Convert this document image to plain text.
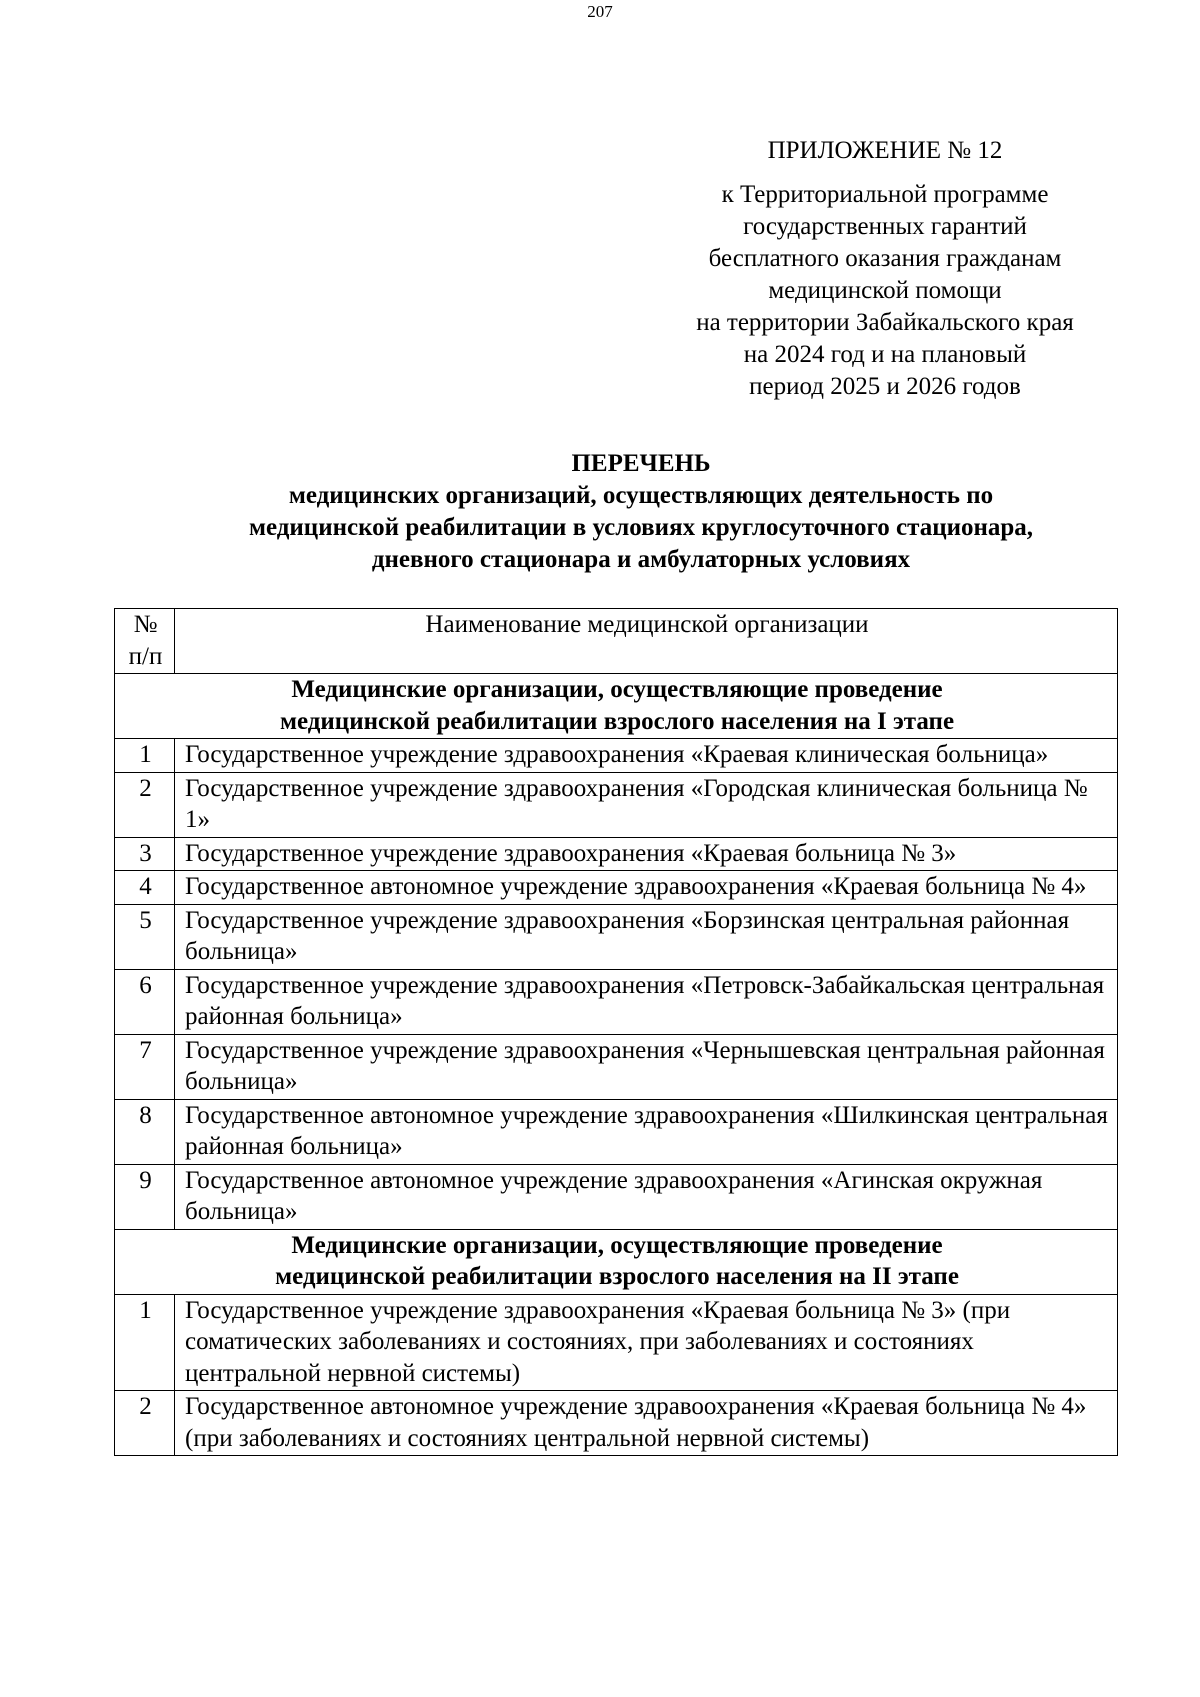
207
ПРИЛОЖЕНИЕ № 12
к Территориальной программе
государственных гарантий
бесплатного оказания гражданам
медицинской помощи
на территории Забайкальского края
на 2024 год и на плановый
период 2025 и 2026 годов
ПЕРЕЧЕНЬ
медицинских организаций, осуществляющих деятельность по
медицинской реабилитации в условиях круглосуточного стационара,
дневного стационара и амбулаторных условиях
№
п/п	Наименование медицинской организации

Медицинские организации, осуществляющие проведение
медицинской реабилитации взрослого населения на I этапе	

1	Государственное учреждение здравоохранения «Краевая клиническая больница»
2	Государственное учреждение здравоохранения «Городская клиническая больница № 1»
3	Государственное учреждение здравоохранения «Краевая больница № 3»
4	Государственное автономное учреждение здравоохранения «Краевая больница № 4»
5	Государственное учреждение здравоохранения «Борзинская центральная районная больница»
6	Государственное учреждение здравоохранения «Петровск-Забайкальская центральная районная больница»
7	Государственное учреждение здравоохранения «Чернышевская центральная районная больница»
8	Государственное автономное учреждение здравоохранения «Шилкинская центральная районная больница»
9	Государственное автономное учреждение здравоохранения «Агинская окружная больница»

Медицинские организации, осуществляющие проведение
медицинской реабилитации взрослого населения на II этапе	

1	Государственное учреждение здравоохранения «Краевая больница № 3» (при соматических заболеваниях и состояниях, при заболеваниях и состояниях центральной нервной системы)
2	Государственное автономное учреждение здравоохранения «Краевая больница № 4» (при заболеваниях и состояниях центральной нервной системы)
